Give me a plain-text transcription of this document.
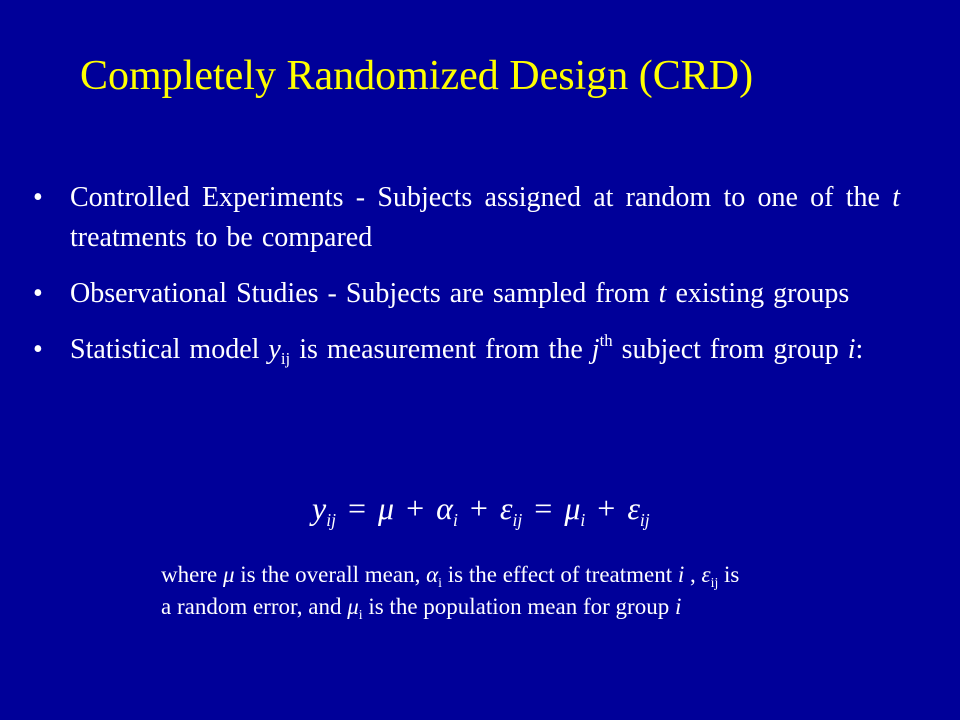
Completely Randomized Design (CRD)
• Controlled Experiments - Subjects assigned at random to one of the t treatments to be compared
• Observational Studies - Subjects are sampled from t existing groups
• Statistical model $y_{ij}$ is measurement from the $j^{th}$ subject from group i:
$y_{ij} = \mu + \alpha_i + \varepsilon_{ij} = \mu_i + \varepsilon_{ij}$
where μ is the overall mean, $\alpha_i$ is the effect of treatment i , $\varepsilon_{ij}$ is a random error, and $\mu_i$ is the population mean for group i
